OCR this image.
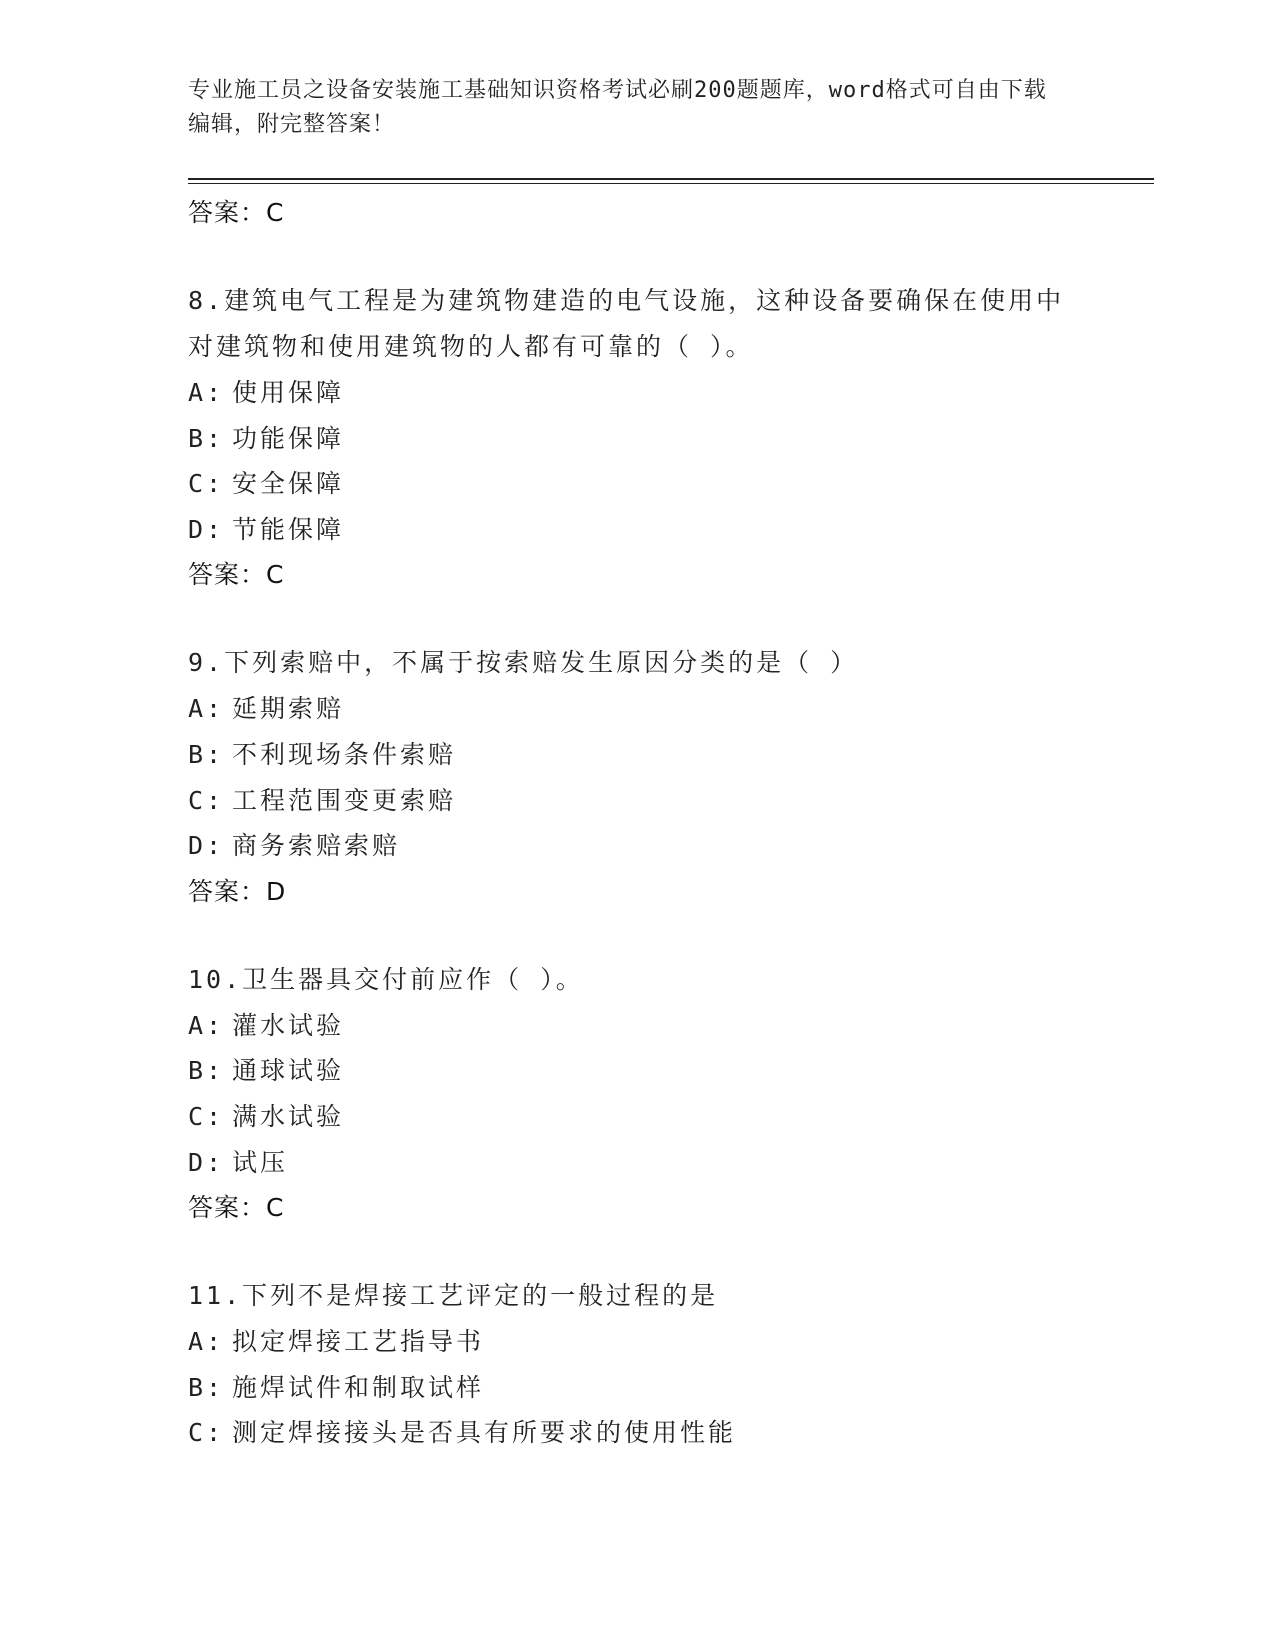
专业施工员之设备安装施工基础知识资格考试必刷200题题库，word格式可自由下载编辑，附完整答案！
答案：C
8.建筑电气工程是为建筑物建造的电气设施，这种设备要确保在使用中对建筑物和使用建筑物的人都有可靠的（ ）。
A: 使用保障
B: 功能保障
C: 安全保障
D: 节能保障
答案：C
9.下列索赔中，不属于按索赔发生原因分类的是（ ）
A: 延期索赔
B: 不利现场条件索赔
C: 工程范围变更索赔
D: 商务索赔索赔
答案：D
10.卫生器具交付前应作（ ）。
A: 灌水试验
B: 通球试验
C: 满水试验
D: 试压
答案：C
11.下列不是焊接工艺评定的一般过程的是
A: 拟定焊接工艺指导书
B: 施焊试件和制取试样
C: 测定焊接接头是否具有所要求的使用性能
